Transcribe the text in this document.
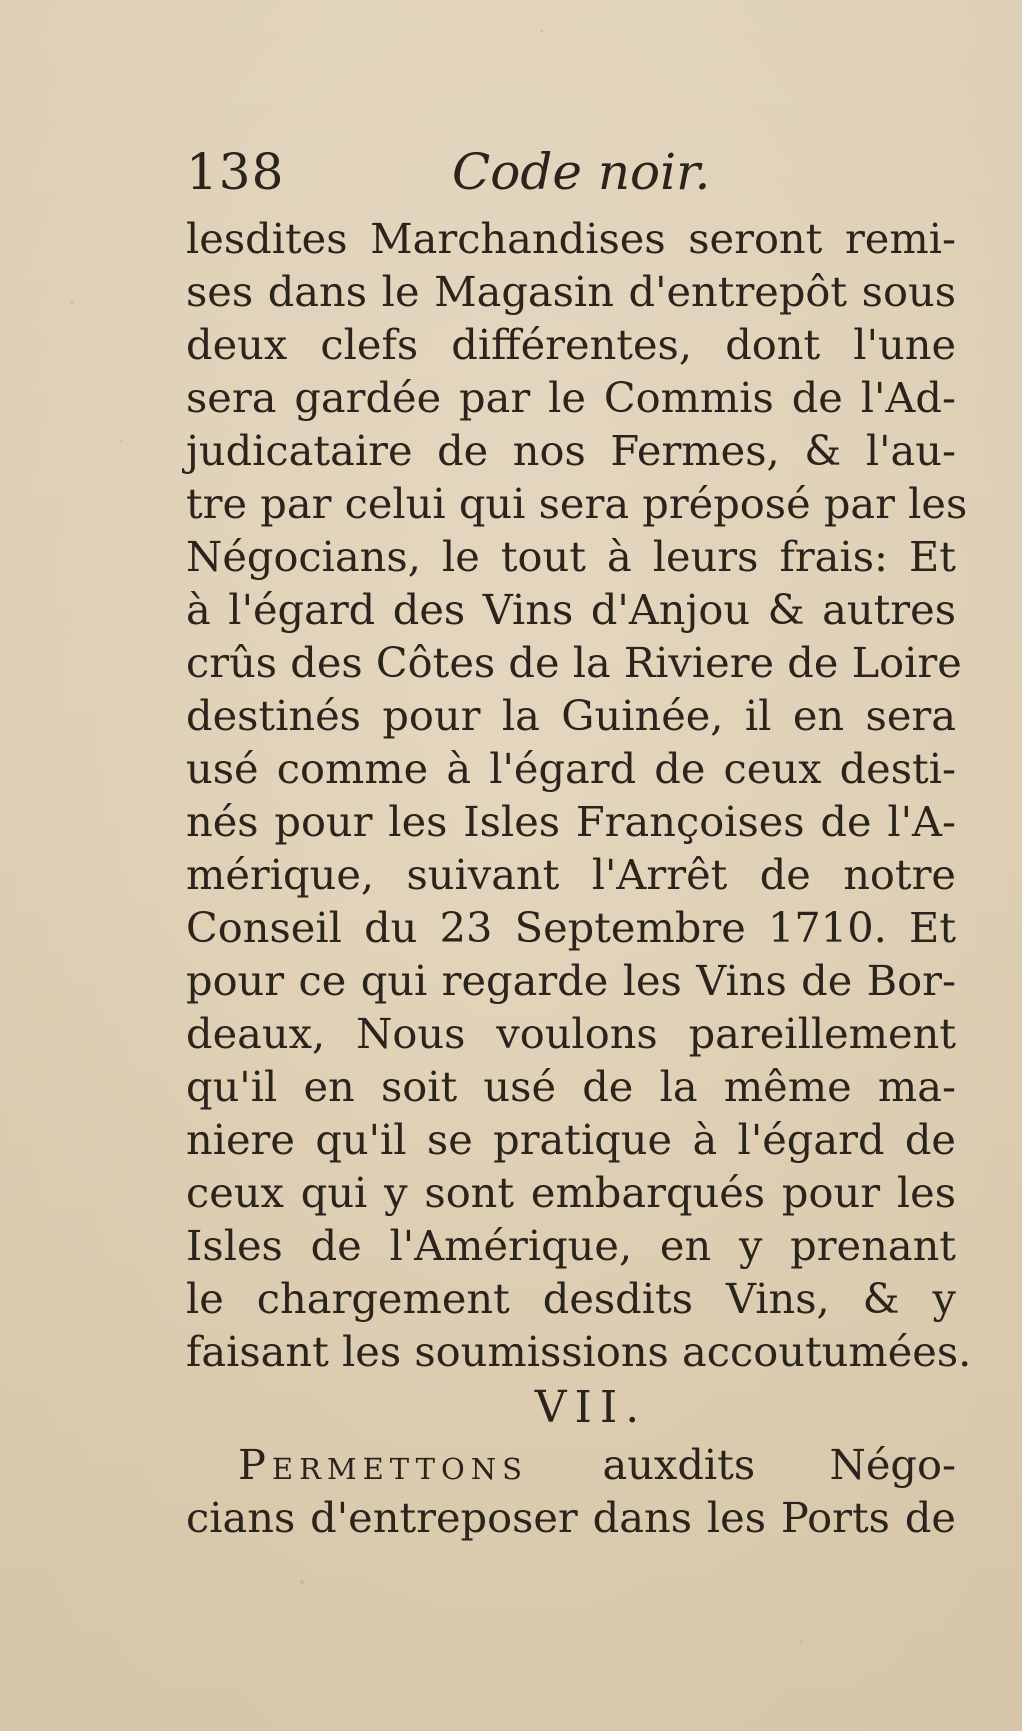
138	Code noir.
lesdites Marchandises seront remi-
ses dans le Magasin d'entrepôt sous
deux clefs différentes, dont l'une
sera gardée par le Commis de l'Ad-
judicataire de nos Fermes, & l'au-
tre par celui qui sera préposé par les
Négocians, le tout à leurs frais: Et
à l'égard des Vins d'Anjou & autres
crûs des Côtes de la Riviere de Loire
destinés pour la Guinée, il en sera
usé comme à l'égard de ceux desti-
nés pour les Isles Françoises de l'A-
mérique, suivant l'Arrêt de notre
Conseil du 23 Septembre 1710. Et
pour ce qui regarde les Vins de Bor-
deaux, Nous voulons pareillement
qu'il en soit usé de la même ma-
niere qu'il se pratique à l'égard de
ceux qui y sont embarqués pour les
Isles de l'Amérique, en y prenant
le chargement desdits Vins, & y
faisant les soumissions accoutumées.
VII.
Permettons auxdits Négo-
cians d'entreposer dans les Ports de
